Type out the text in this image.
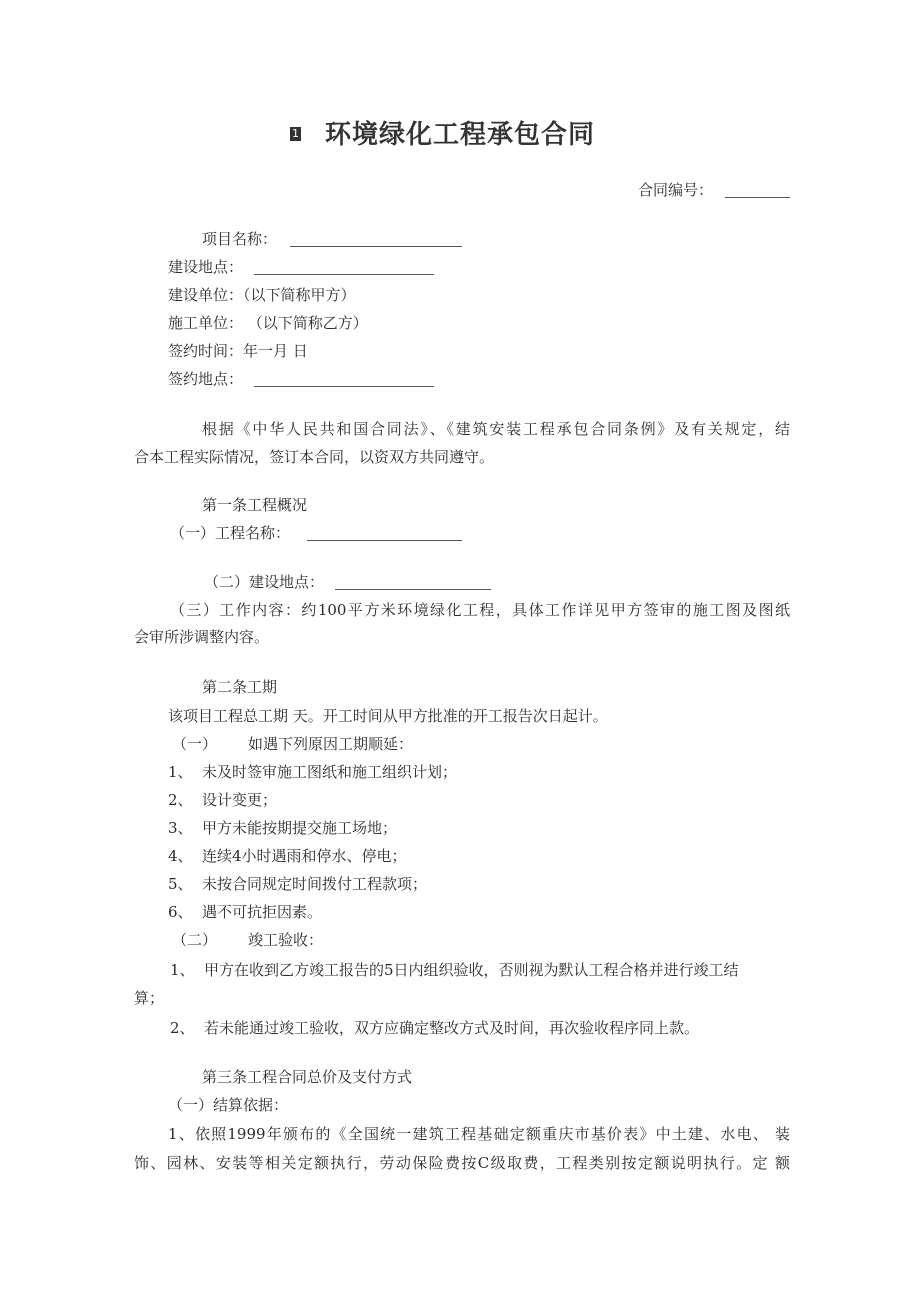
环境绿化工程承包合同
1
合同编号：
项目名称：
建设地点：
建设单位：（以下简称甲方）
施工单位： （以下简称乙方）
签约时间：年一月 日
签约地点：
根据《中华人民共和国合同法》、《建筑安装工程承包合同条例》及有关规定，结
合本工程实际情况，签订本合同，以资双方共同遵守。
第一条工程概况
（一）工程名称：
（二）建设地点：
（三）工作内容：约100平方米环境绿化工程，具体工作详见甲方签审的施工图及图纸
会审所涉调整内容。
第二条工期
该项目工程总工期 天。开工时间从甲方批准的开工报告次日起计。
（一） 如遇下列原因工期顺延：
1、 未及时签审施工图纸和施工组织计划；
2、 设计变更；
3、 甲方未能按期提交施工场地；
4、 连续4小时遇雨和停水、停电；
5、 未按合同规定时间拨付工程款项；
6、 遇不可抗拒因素。
（二） 竣工验收：
1、 甲方在收到乙方竣工报告的5日内组织验收，否则视为默认工程合格并进行竣工结
算；
2、 若未能通过竣工验收，双方应确定整改方式及时间，再次验收程序同上款。
第三条工程合同总价及支付方式
（一）结算依据：
1、依照1999年颁布的《全国统一建筑工程基础定额重庆市基价表》中土建、水电、 装
饰、园林、安装等相关定额执行，劳动保险费按C级取费，工程类别按定额说明执行。定 额
